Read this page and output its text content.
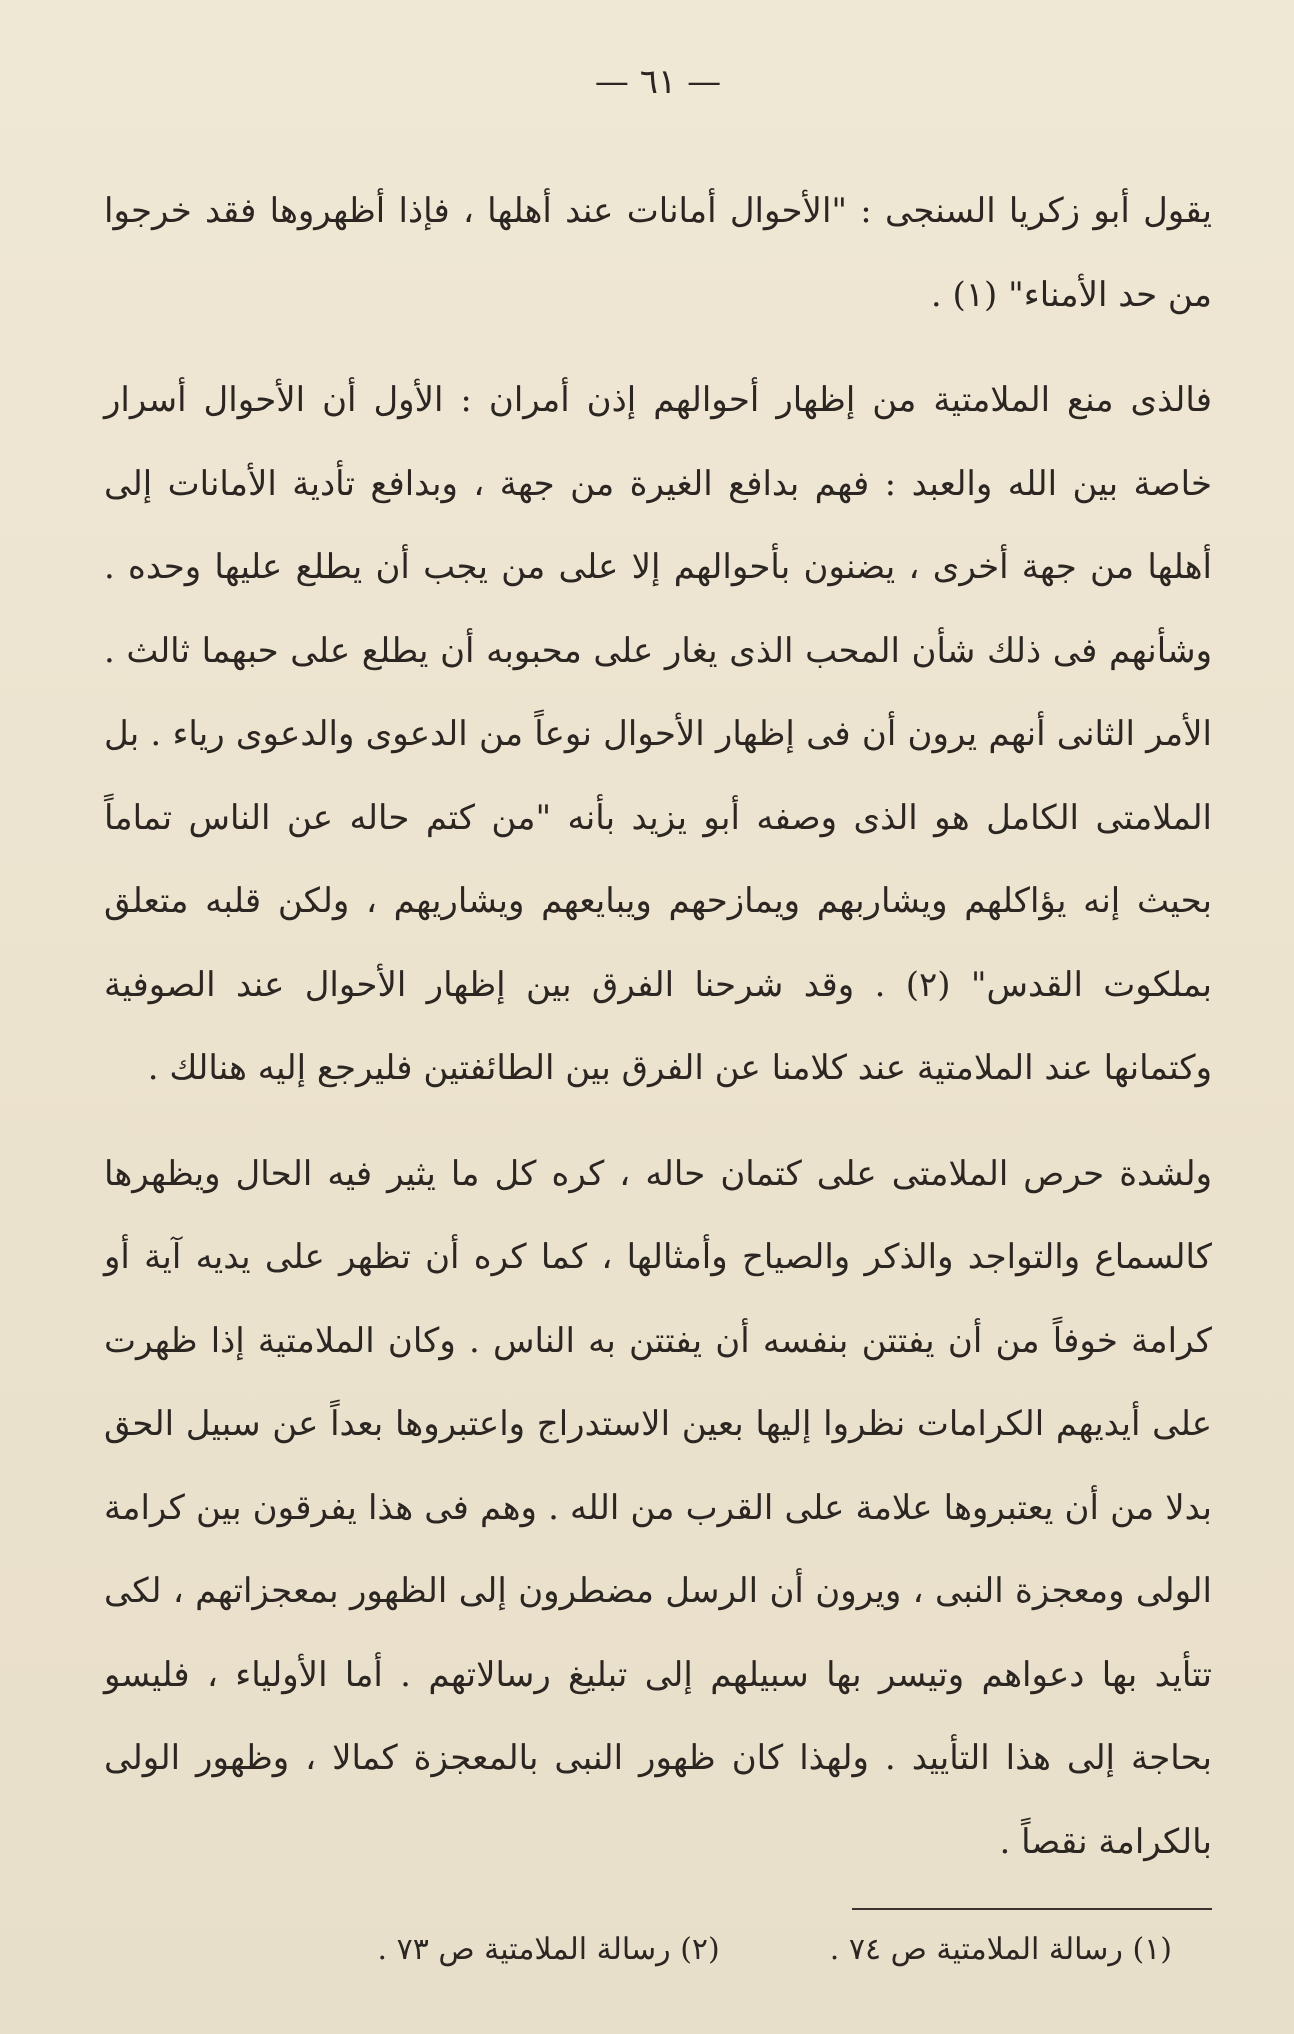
— ٦١ —

يقول أبو زكريا السنجى : "الأحوال أمانات عند أهلها ، فإذا أظهروها فقد خرجوا من حد الأمناء" (١) .

فالذى منع الملامتية من إظهار أحوالهم إذن أمران : الأول أن الأحوال أسرار خاصة بين الله والعبد : فهم بدافع الغيرة من جهة ، وبدافع تأدية الأمانات إلى أهلها من جهة أخرى ، يضنون بأحوالهم إلا على من يجب أن يطلع عليها وحده . وشأنهم فى ذلك شأن المحب الذى يغار على محبوبه أن يطلع على حبهما ثالث . الأمر الثانى أنهم يرون أن فى إظهار الأحوال نوعاً من الدعوى والدعوى رياء . بل الملامتى الكامل هو الذى وصفه أبو يزيد بأنه "من كتم حاله عن الناس تماماً بحيث إنه يؤاكلهم ويشاربهم ويمازحهم ويبايعهم ويشاريهم ، ولكن قلبه متعلق بملكوت القدس" (٢) . وقد شرحنا الفرق بين إظهار الأحوال عند الصوفية وكتمانها عند الملامتية عند كلامنا عن الفرق بين الطائفتين فليرجع إليه هنالك .

ولشدة حرص الملامتى على كتمان حاله ، كره كل ما يثير فيه الحال ويظهرها كالسماع والتواجد والذكر والصياح وأمثالها ، كما كره أن تظهر على يديه آية أو كرامة خوفاً من أن يفتتن بنفسه أن يفتتن به الناس . وكان الملامتية إذا ظهرت على أيديهم الكرامات نظروا إليها بعين الاستدراج واعتبروها بعداً عن سبيل الحق بدلا من أن يعتبروها علامة على القرب من الله . وهم فى هذا يفرقون بين كرامة الولى ومعجزة النبى ، ويرون أن الرسل مضطرون إلى الظهور بمعجزاتهم ، لكى تتأيد بها دعواهم وتيسر بها سبيلهم إلى تبليغ رسالاتهم . أما الأولياء ، فليسو بحاجة إلى هذا التأييد . ولهذا كان ظهور النبى بالمعجزة كمالا ، وظهور الولى بالكرامة نقصاً .

(١) رسالة الملامتية ص ٧٤ .
(٢) رسالة الملامتية ص ٧٣ .
